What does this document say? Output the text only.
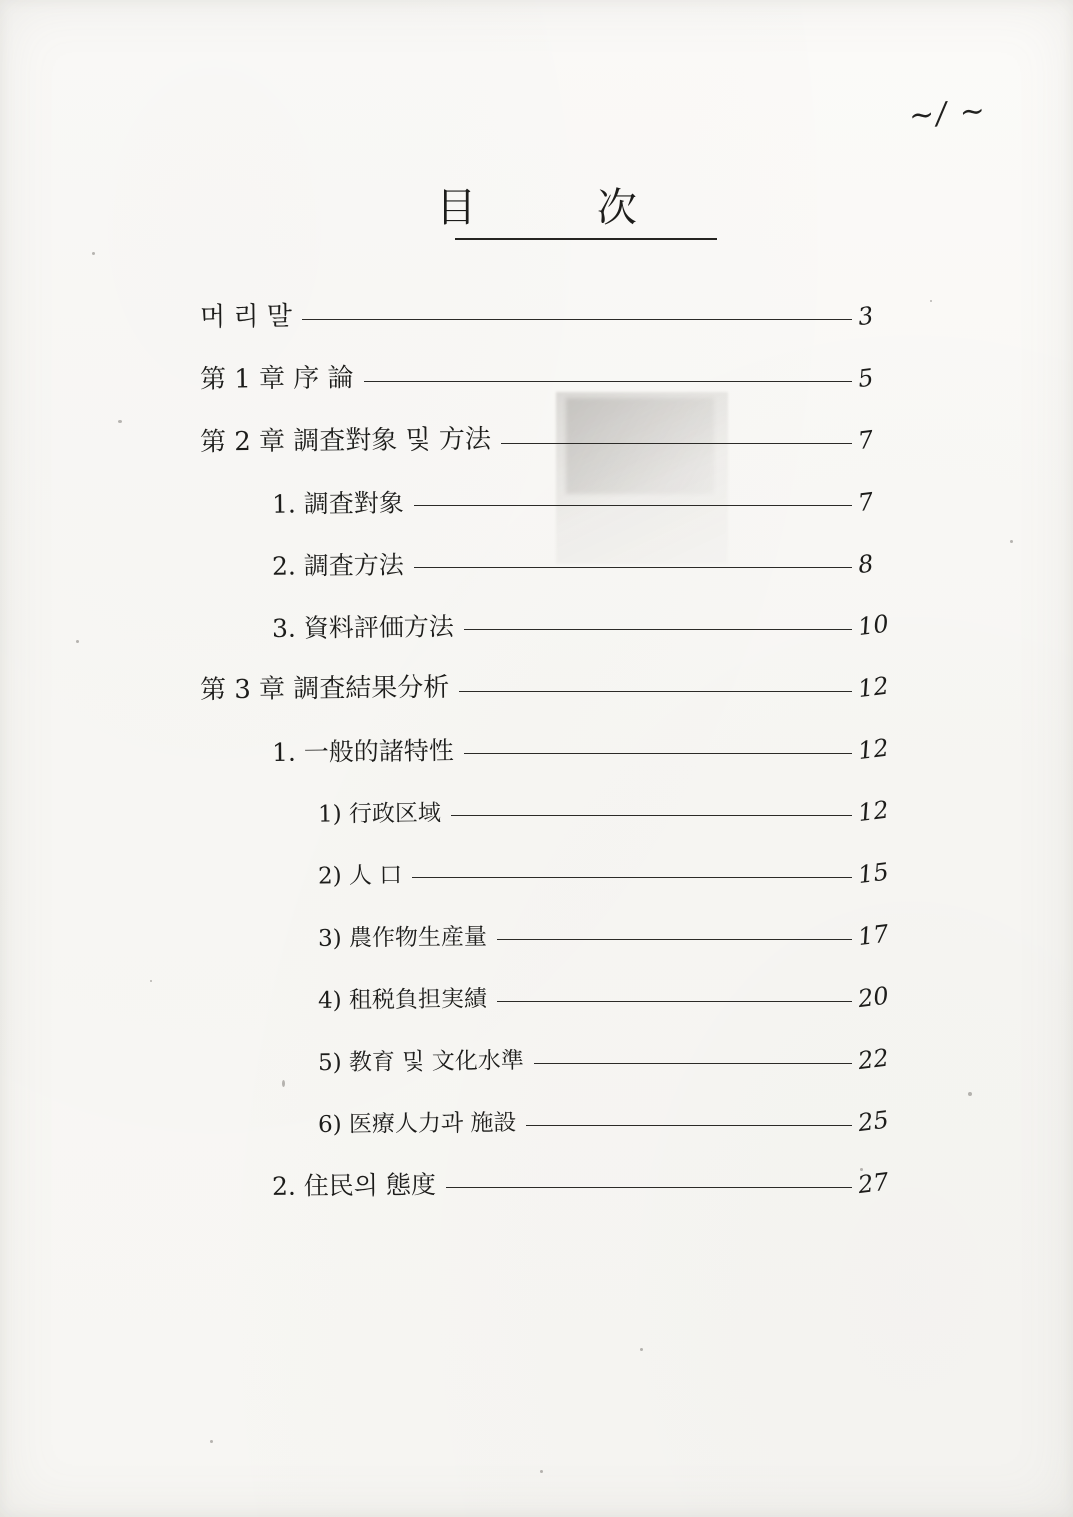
~/ ~
目 次
머 리 말	3
第 1 章 序 論	5
第 2 章 調査對象 및 方法	7
1. 調査對象	7
2. 調査方法	8
3. 資料評価方法	10
第 3 章 調査結果分析	12
1. 一般的諸特性	12
1) 行政区域	12
2) 人 口	15
3) 農作物生産量	17
4) 租税負担実績	20
5) 教育 및 文化水準	22
6) 医療人力과 施設	25
2. 住民의 態度	27
